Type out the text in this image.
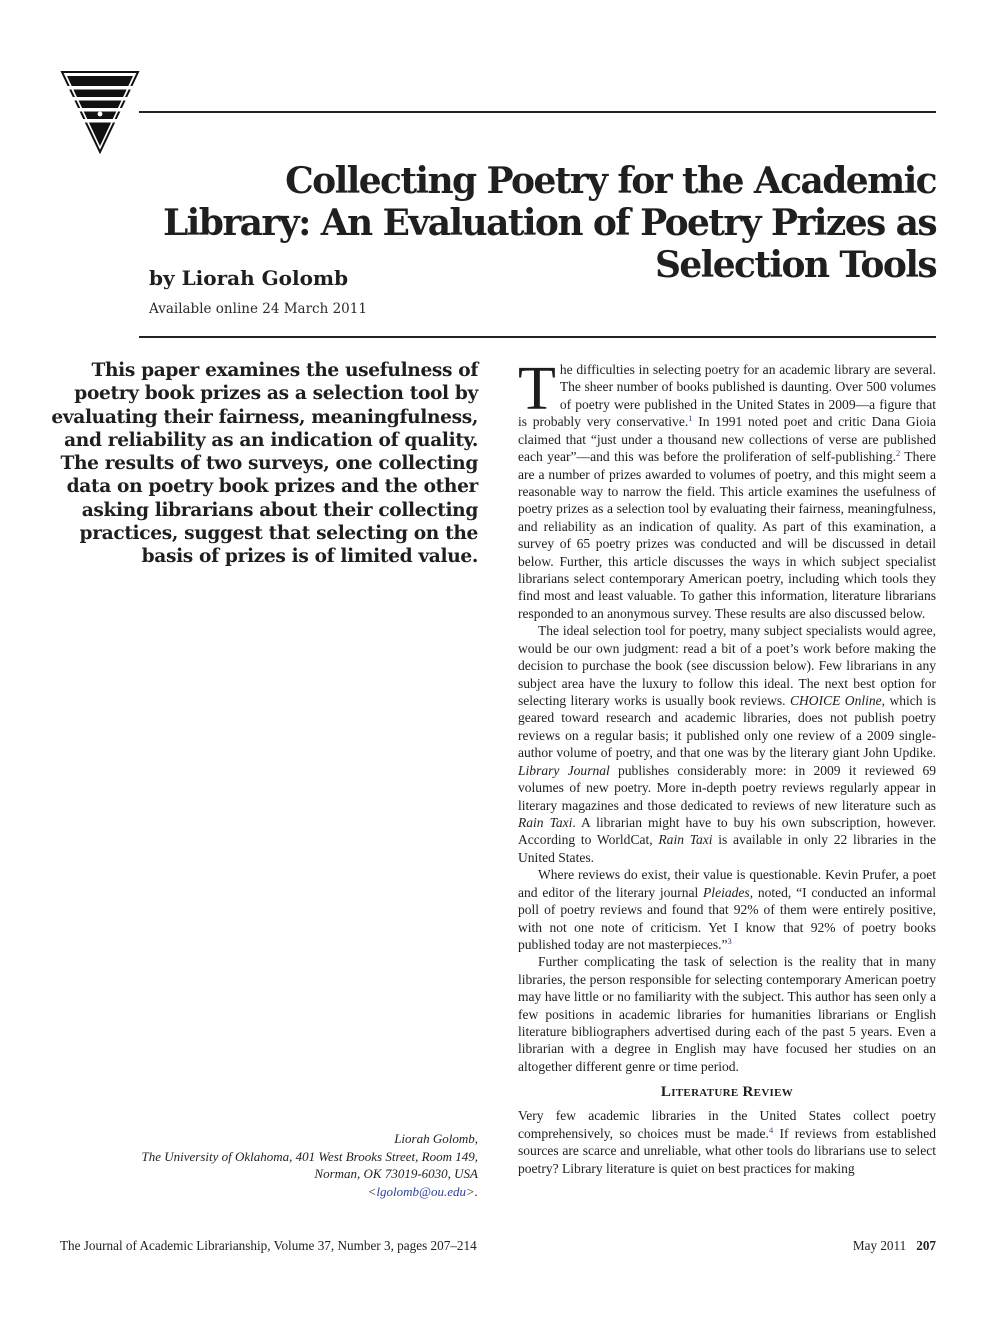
Collecting Poetry for the Academic Library: An Evaluation of Poetry Prizes as Selection Tools

by Liorah Golomb

Available online 24 March 2011

This paper examines the usefulness of poetry book prizes as a selection tool by evaluating their fairness, meaningfulness, and reliability as an indication of quality. The results of two surveys, one collecting data on poetry book prizes and the other asking librarians about their collecting practices, suggest that selecting on the basis of prizes is of limited value.

Liorah Golomb,
The University of Oklahoma, 401 West Brooks Street, Room 149,
Norman, OK 73019-6030, USA
<lgolomb@ou.edu>.

The difficulties in selecting poetry for an academic library are several. The sheer number of books published is daunting. Over 500 volumes of poetry were published in the United States in 2009—a figure that is probably very conservative.$^1$ In 1991 noted poet and critic Dana Gioia claimed that “just under a thousand new collections of verse are published each year”—and this was before the proliferation of self-publishing.$^2$ There are a number of prizes awarded to volumes of poetry, and this might seem a reasonable way to narrow the field. This article examines the usefulness of poetry prizes as a selection tool by evaluating their fairness, meaningfulness, and reliability as an indication of quality. As part of this examination, a survey of 65 poetry prizes was conducted and will be discussed in detail below. Further, this article discusses the ways in which subject specialist librarians select contemporary American poetry, including which tools they find most and least valuable. To gather this information, literature librarians responded to an anonymous survey. These results are also discussed below.

The ideal selection tool for poetry, many subject specialists would agree, would be our own judgment: read a bit of a poet’s work before making the decision to purchase the book (see discussion below). Few librarians in any subject area have the luxury to follow this ideal. The next best option for selecting literary works is usually book reviews. CHOICE Online, which is geared toward research and academic libraries, does not publish poetry reviews on a regular basis; it published only one review of a 2009 single-author volume of poetry, and that one was by the literary giant John Updike. Library Journal publishes considerably more: in 2009 it reviewed 69 volumes of new poetry. More in-depth poetry reviews regularly appear in literary magazines and those dedicated to reviews of new literature such as Rain Taxi. A librarian might have to buy his own subscription, however. According to WorldCat, Rain Taxi is available in only 22 libraries in the United States.

Where reviews do exist, their value is questionable. Kevin Prufer, a poet and editor of the literary journal Pleiades, noted, “I conducted an informal poll of poetry reviews and found that 92% of them were entirely positive, with not one note of criticism. Yet I know that 92% of poetry books published today are not masterpieces.”$^3$

Further complicating the task of selection is the reality that in many libraries, the person responsible for selecting contemporary American poetry may have little or no familiarity with the subject. This author has seen only a few positions in academic libraries for humanities librarians or English literature bibliographers advertised during each of the past 5 years. Even a librarian with a degree in English may have focused her studies on an altogether different genre or time period.

Literature Review

Very few academic libraries in the United States collect poetry comprehensively, so choices must be made.$^4$ If reviews from established sources are scarce and unreliable, what other tools do librarians use to select poetry? Library literature is quiet on best practices for making

The Journal of Academic Librarianship, Volume 37, Number 3, pages 207–214	May 2011 207
